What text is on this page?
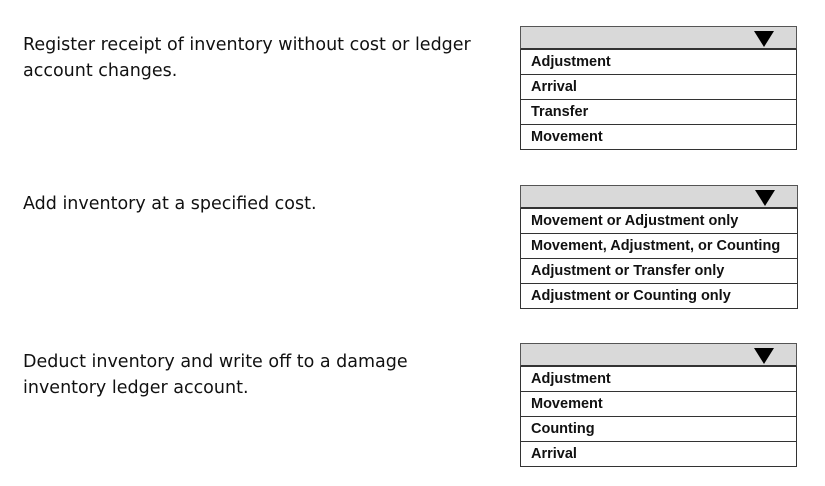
Register receipt of inventory without cost or ledger account changes.	Adjustment
Arrival
Transfer
Movement
Add inventory at a specified cost.
Movement or Adjustment only
Movement, Adjustment, or Counting
Adjustment or Transfer only
Adjustment or Counting only
Deduct inventory and write off to a damage inventory ledger account.	Adjustment
Movement
Counting
Arrival
